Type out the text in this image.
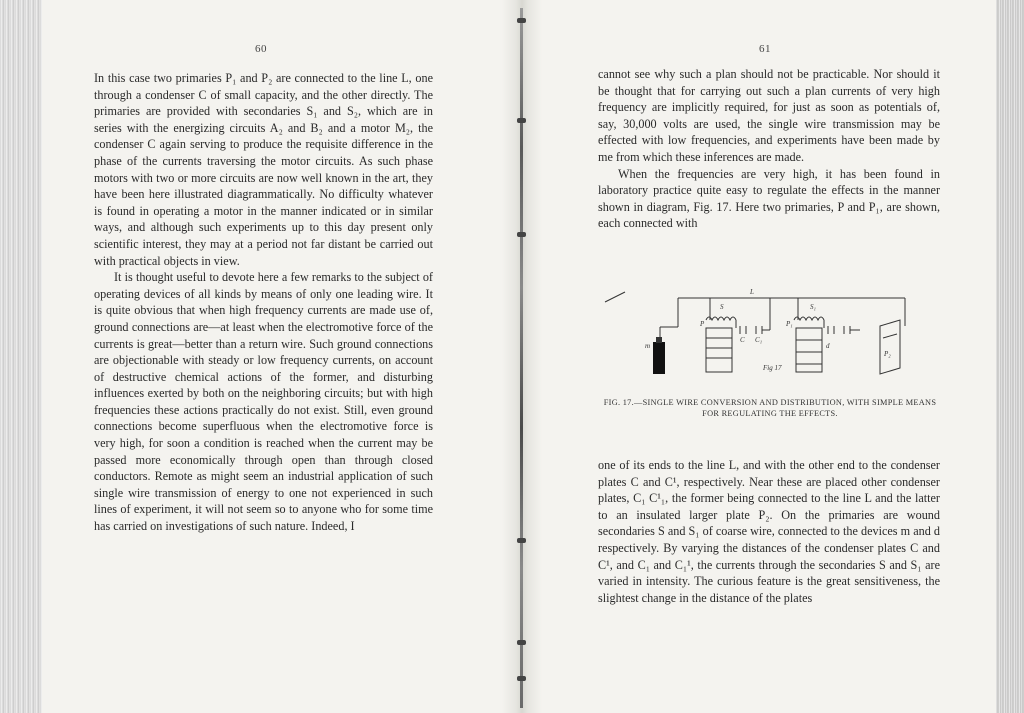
60

In this case two primaries P₁ and P₂ are connected to the line L, one through a condenser C of small capacity, and the other directly. The primaries are provided with secondaries S₁ and S₂, which are in series with the energizing circuits A₂ and B₂ and a motor M₂, the condenser C again serving to produce the requisite difference in the phase of the currents traversing the motor circuits. As such phase motors with two or more circuits are now well known in the art, they have been here illustrated diagrammatically. No difficulty whatever is found in operating a motor in the manner indicated or in similar ways, and although such experiments up to this day present only scientific interest, they may at a period not far distant be carried out with practical objects in view.

It is thought useful to devote here a few remarks to the subject of operating devices of all kinds by means of only one leading wire. It is quite obvious that when high frequency currents are made use of, ground connections are—at least when the electromotive force of the currents is great—better than a return wire. Such ground connections are objectionable with steady or low frequency currents, on account of destructive chemical actions of the former, and disturbing influences exerted by both on the neighboring circuits; but with high frequencies these actions practically do not exist. Still, even ground connections become superfluous when the electromotive force is very high, for soon a condition is reached when the current may be passed more economically through open than through closed conductors. Remote as might seem an industrial application of such single wire transmission of energy to one not experienced in such lines of experiment, it will not seem so to anyone who for some time has carried on investigations of such nature. Indeed, I

61

cannot see why such a plan should not be practicable. Nor should it be thought that for carrying out such a plan currents of very high frequency are implicitly required, for just as soon as potentials of, say, 30,000 volts are used, the single wire transmission may be effected with low frequencies, and experiments have been made by me from which these inferences are made.

When the frequencies are very high, it has been found in laboratory practice quite easy to regulate the effects in the manner shown in diagram, Fig. 17. Here two primaries, P and P₁, are shown, each connected with

L
Fig 17
P	P₁
S	S₁
C C₁
m	d
P₂
FIG. 17.—SINGLE WIRE CONVERSION AND DISTRIBUTION, WITH SIMPLE MEANS FOR REGULATING THE EFFECTS.

one of its ends to the line L, and with the other end to the condenser plates C and C¹, respectively. Near these are placed other condenser plates, C₁ C¹₁, the former being connected to the line L and the latter to an insulated larger plate P₂. On the primaries are wound secondaries S and S₁ of coarse wire, connected to the devices m and d respectively. By varying the distances of the condenser plates C and C¹, and C₁ and C₁¹, the currents through the secondaries S and S₁ are varied in intensity. The curious feature is the great sensitiveness, the slightest change in the distance of the plates
